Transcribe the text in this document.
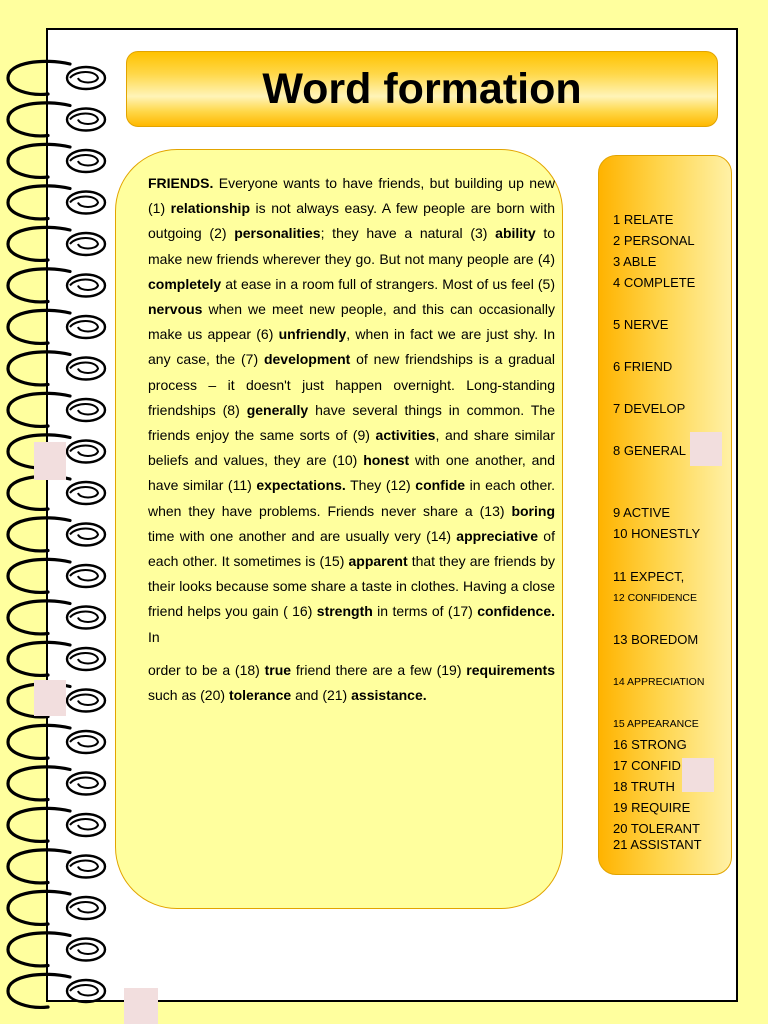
Word formation

FRIENDS. Everyone wants to have friends, but building up new (1) relationship is not always easy. A few people are born with outgoing (2) personalities; they have a natural (3) ability to make new friends wherever they go. But not many people are (4) completely at ease in a room full of strangers. Most of us feel (5) nervous when we meet new people, and this can occasionally make us appear (6) unfriendly, when in fact we are just shy. In any case, the (7) development of new friendships is a gradual process – it doesn't just happen overnight. Long-standing friendships (8) generally have several things in common. The friends enjoy the same sorts of (9) activities, and share similar beliefs and values, they are (10) honest with one another, and have similar (11) expectations. They (12) confide in each other. when they have problems. Friends never share a (13) boring time with one another and are usually very (14) appreciative of each other. It sometimes is (15) apparent that they are friends by their looks because some share a taste in clothes. Having a close friend helps you gain ( 16) strength in terms of (17) confidence. In

order to be a (18) true friend there are a few (19) requirements such as (20) tolerance and (21) assistance.

1 RELATE
2 PERSONAL
3 ABLE
4 COMPLETE
5 NERVE
6 FRIEND
7 DEVELOP
8 GENERAL
9 ACTIVE
10 HONESTLY
11 EXPECT,
12 CONFIDENCE
13 BOREDOM
14 APPRECIATION
15 APPEARANCE
16 STRONG
17 CONFID
18 TRUTH
19 REQUIRE
20 TOLERANT
21 ASSISTANT
